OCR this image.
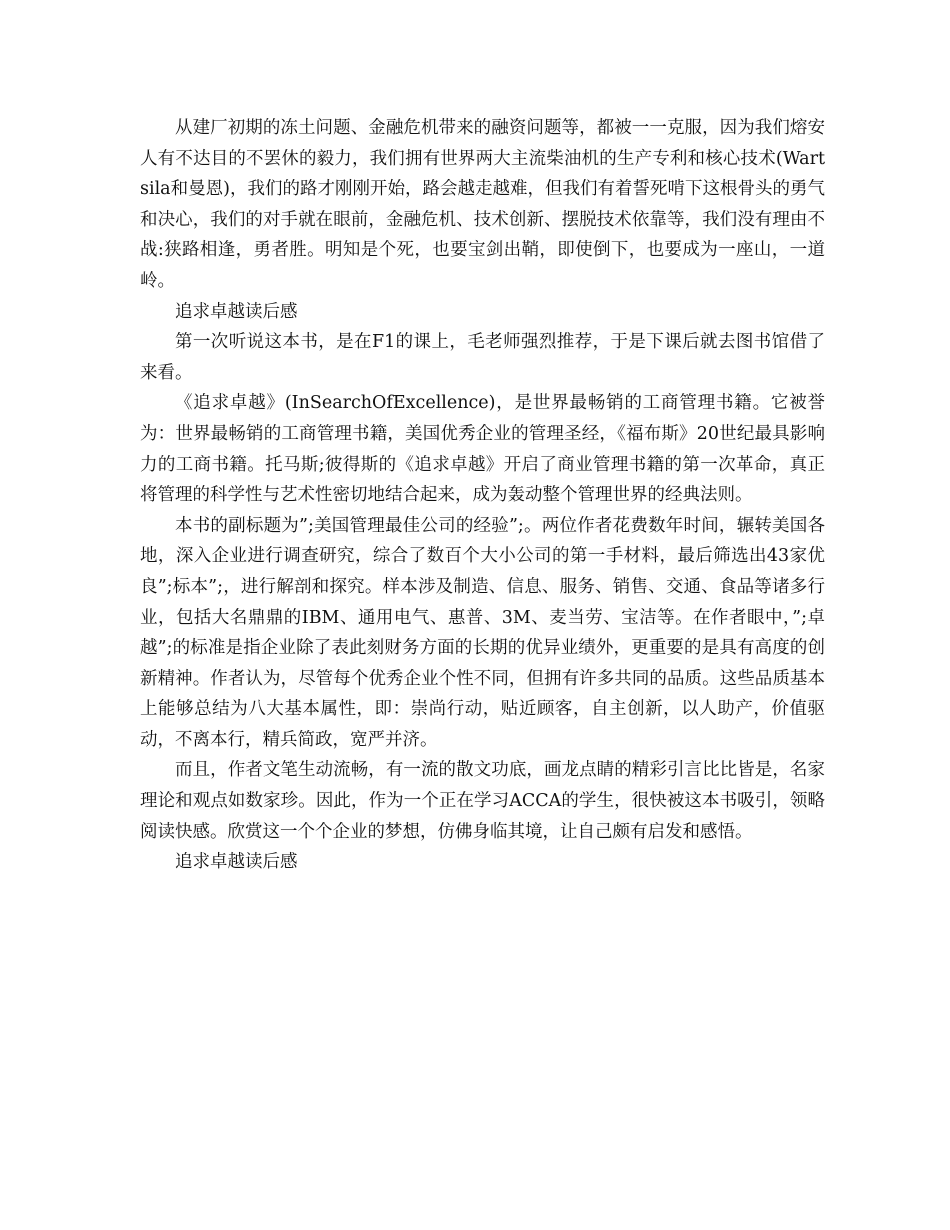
从建厂初期的冻土问题、金融危机带来的融资问题等，都被一一克服，因为我们熔安人有不达目的不罢休的毅力，我们拥有世界两大主流柴油机的生产专利和核心技术(Wartsila和曼恩)，我们的路才刚刚开始，路会越走越难，但我们有着誓死啃下这根骨头的勇气和决心，我们的对手就在眼前，金融危机、技术创新、摆脱技术依靠等，我们没有理由不战:狭路相逢，勇者胜。明知是个死，也要宝剑出鞘，即使倒下，也要成为一座山，一道岭。

追求卓越读后感

第一次听说这本书，是在F1的课上，毛老师强烈推荐，于是下课后就去图书馆借了来看。

《追求卓越》(InSearchOfExcellence)，是世界最畅销的工商管理书籍。它被誉为：世界最畅销的工商管理书籍，美国优秀企业的管理圣经，《福布斯》20世纪最具影响力的工商书籍。托马斯;彼得斯的《追求卓越》开启了商业管理书籍的第一次革命，真正将管理的科学性与艺术性密切地结合起来，成为轰动整个管理世界的经典法则。

本书的副标题为”;美国管理最佳公司的经验”;。两位作者花费数年时间，辗转美国各地，深入企业进行调查研究，综合了数百个大小公司的第一手材料，最后筛选出43家优良”;标本”;，进行解剖和探究。样本涉及制造、信息、服务、销售、交通、食品等诸多行业，包括大名鼎鼎的IBM、通用电气、惠普、3M、麦当劳、宝洁等。在作者眼中，”;卓越”;的标准是指企业除了表此刻财务方面的长期的优异业绩外，更重要的是具有高度的创新精神。作者认为，尽管每个优秀企业个性不同，但拥有许多共同的品质。这些品质基本上能够总结为八大基本属性，即：崇尚行动，贴近顾客，自主创新，以人助产，价值驱动，不离本行，精兵简政，宽严并济。

而且，作者文笔生动流畅，有一流的散文功底，画龙点睛的精彩引言比比皆是，名家理论和观点如数家珍。因此，作为一个正在学习ACCA的学生，很快被这本书吸引，领略阅读快感。欣赏这一个个企业的梦想，仿佛身临其境，让自己颇有启发和感悟。

追求卓越读后感
